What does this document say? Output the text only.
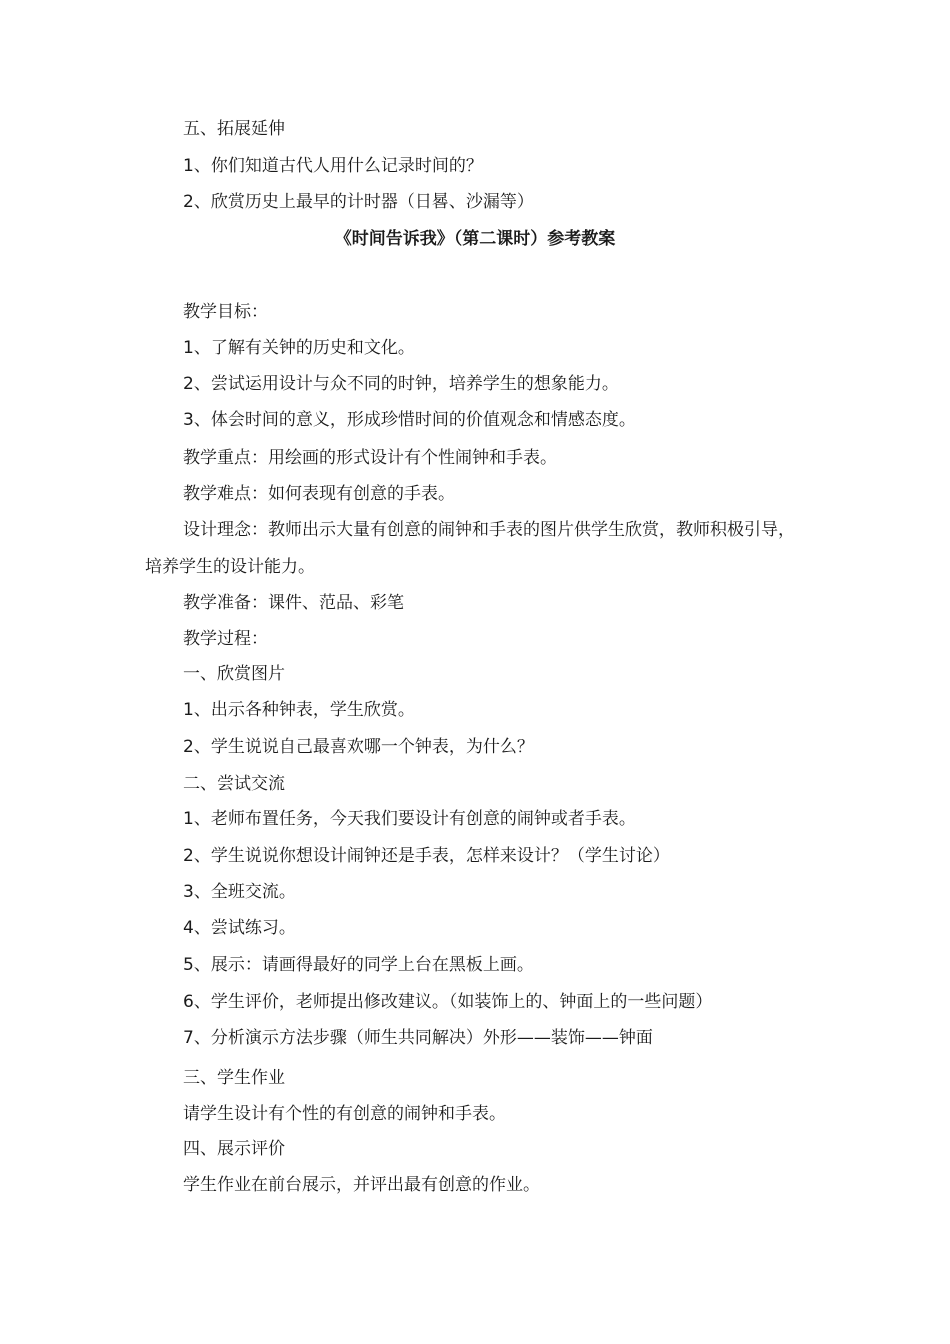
五、拓展延伸
1、你们知道古代人用什么记录时间的？
2、欣赏历史上最早的计时器（日晷、沙漏等）
《时间告诉我》（第二课时）参考教案
教学目标：
1、了解有关钟的历史和文化。
2、尝试运用设计与众不同的时钟，培养学生的想象能力。
3、体会时间的意义，形成珍惜时间的价值观念和情感态度。
教学重点：用绘画的形式设计有个性闹钟和手表。
教学难点：如何表现有创意的手表。
设计理念：教师出示大量有创意的闹钟和手表的图片供学生欣赏，教师积极引导，培养学生的设计能力。
教学准备：课件、范品、彩笔
教学过程：
一、欣赏图片
1、出示各种钟表，学生欣赏。
2、学生说说自己最喜欢哪一个钟表，为什么？
二、尝试交流
1、老师布置任务，今天我们要设计有创意的闹钟或者手表。
2、学生说说你想设计闹钟还是手表，怎样来设计？（学生讨论）
3、全班交流。
4、尝试练习。
5、展示：请画得最好的同学上台在黑板上画。
6、学生评价，老师提出修改建议。（如装饰上的、钟面上的一些问题）
7、分析演示方法步骤（师生共同解决）外形——装饰——钟面
三、学生作业
请学生设计有个性的有创意的闹钟和手表。
四、展示评价
学生作业在前台展示，并评出最有创意的作业。
